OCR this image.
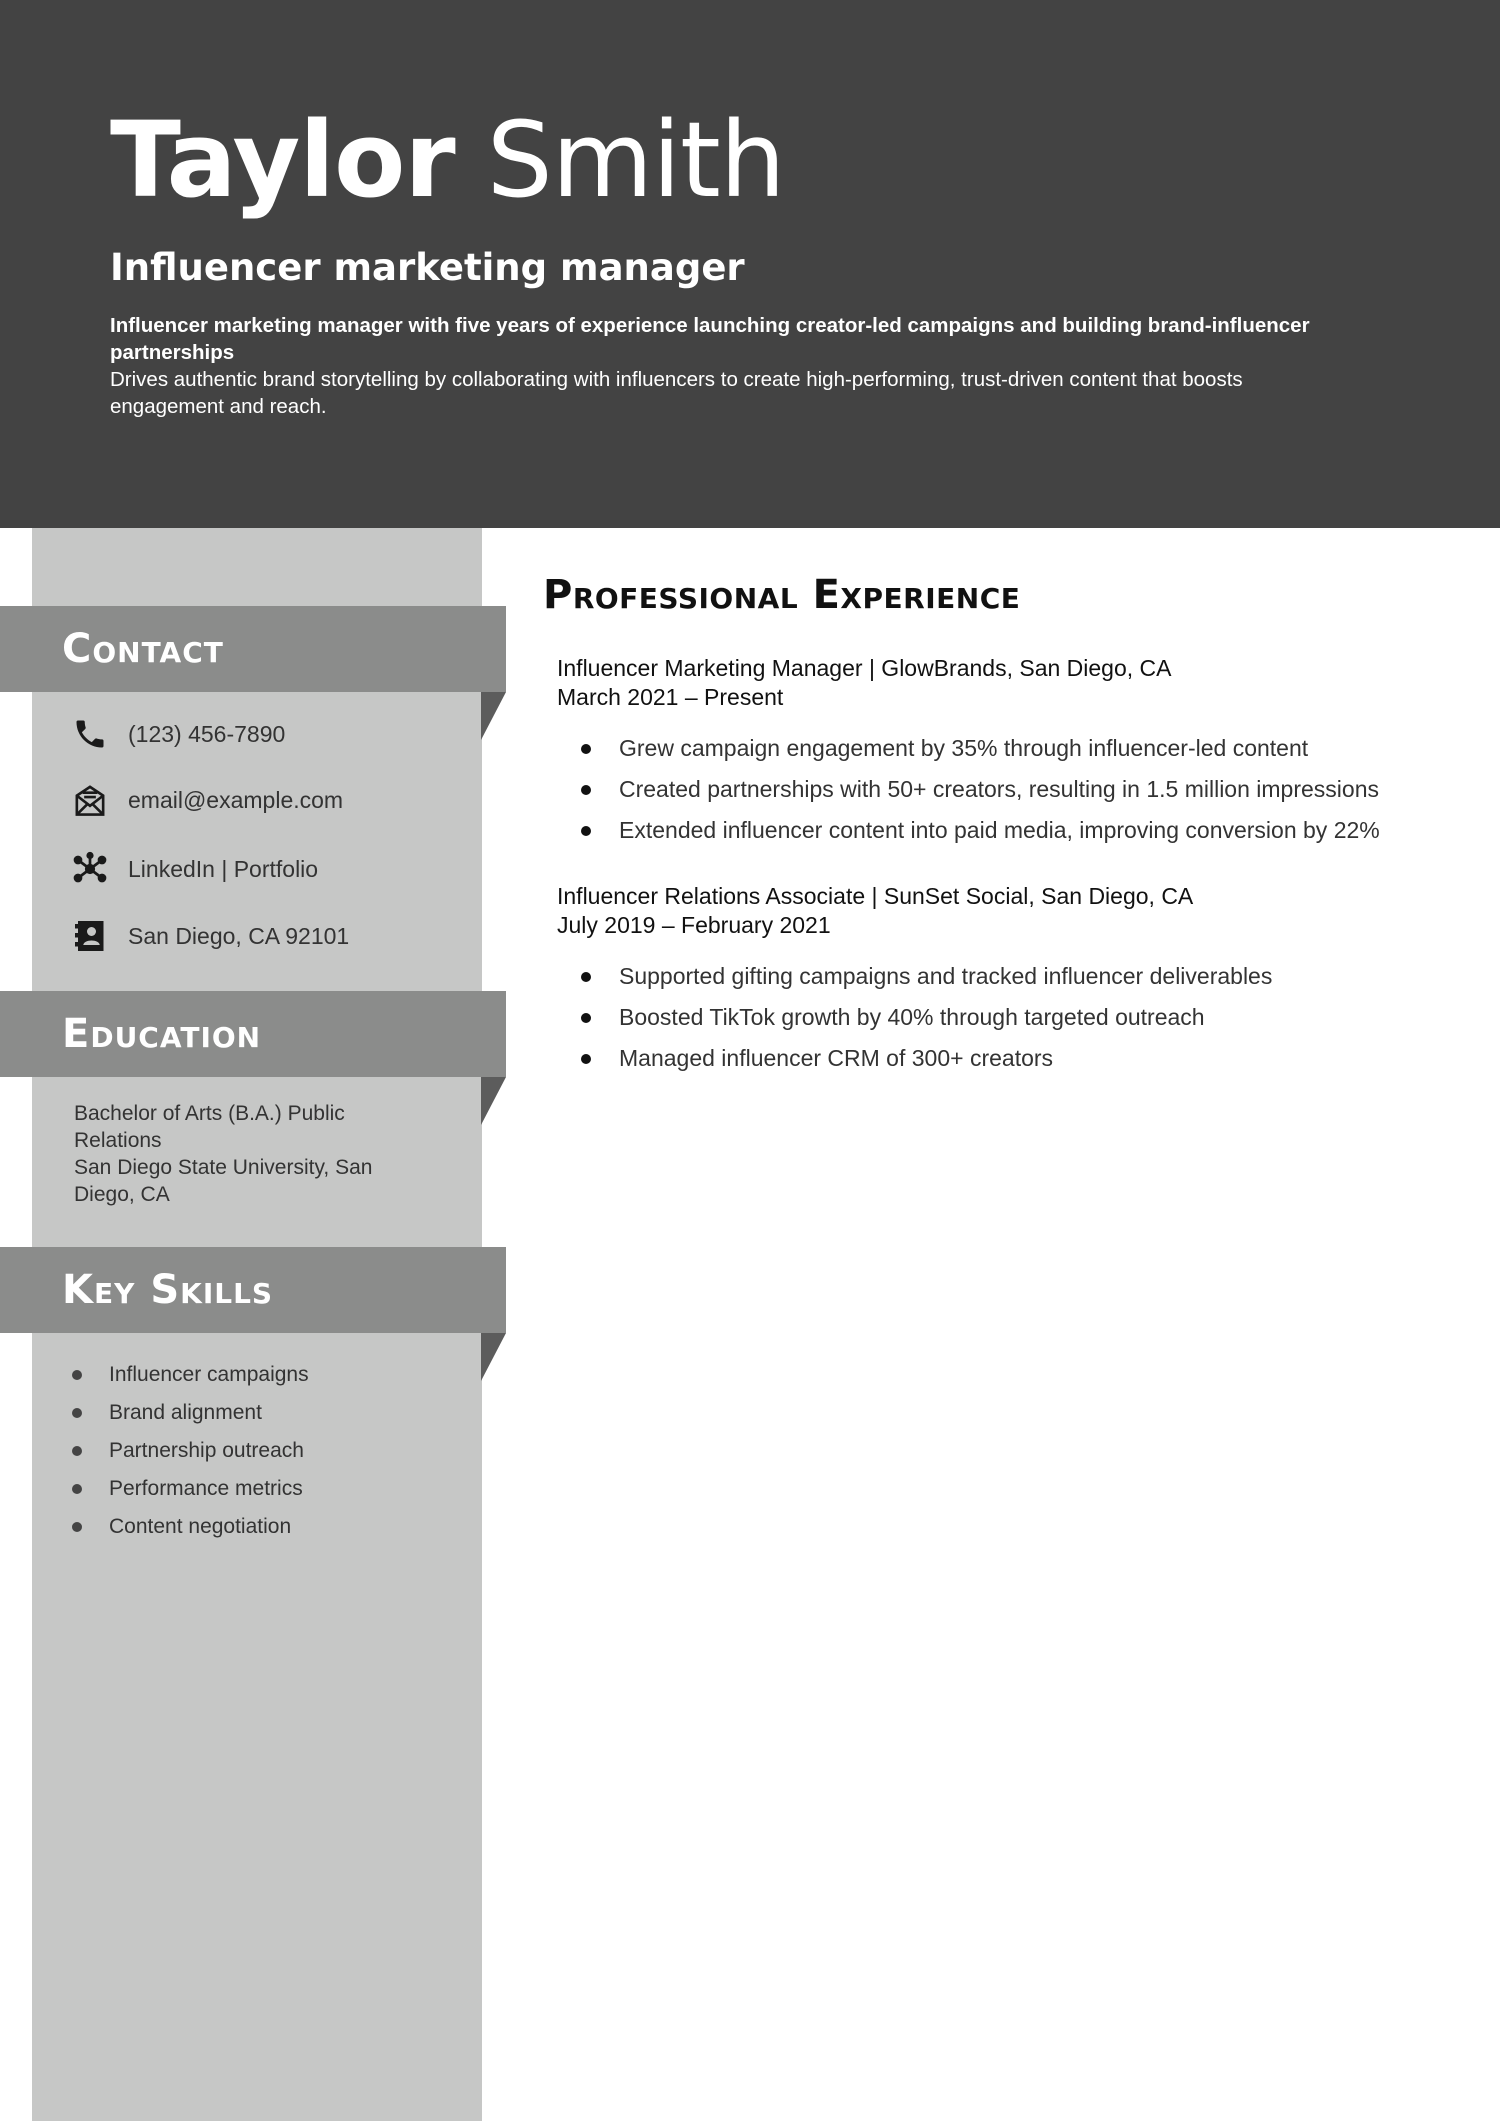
Taylor Smith
Influencer marketing manager
Influencer marketing manager with five years of experience launching creator-led campaigns and building brand-influencer partnerships
Drives authentic brand storytelling by collaborating with influencers to create high-performing, trust-driven content that boosts engagement and reach.
Contact
(123) 456-7890
email@example.com
LinkedIn | Portfolio
San Diego, CA 92101
Education
Bachelor of Arts (B.A.) Public Relations
San Diego State University, San Diego, CA
Key Skills
Influencer campaigns
Brand alignment
Partnership outreach
Performance metrics
Content negotiation
Professional Experience
Influencer Marketing Manager | GlowBrands, San Diego, CA
March 2021 – Present
Grew campaign engagement by 35% through influencer-led content
Created partnerships with 50+ creators, resulting in 1.5 million impressions
Extended influencer content into paid media, improving conversion by 22%
Influencer Relations Associate | SunSet Social, San Diego, CA
July 2019 – February 2021
Supported gifting campaigns and tracked influencer deliverables
Boosted TikTok growth by 40% through targeted outreach
Managed influencer CRM of 300+ creators
